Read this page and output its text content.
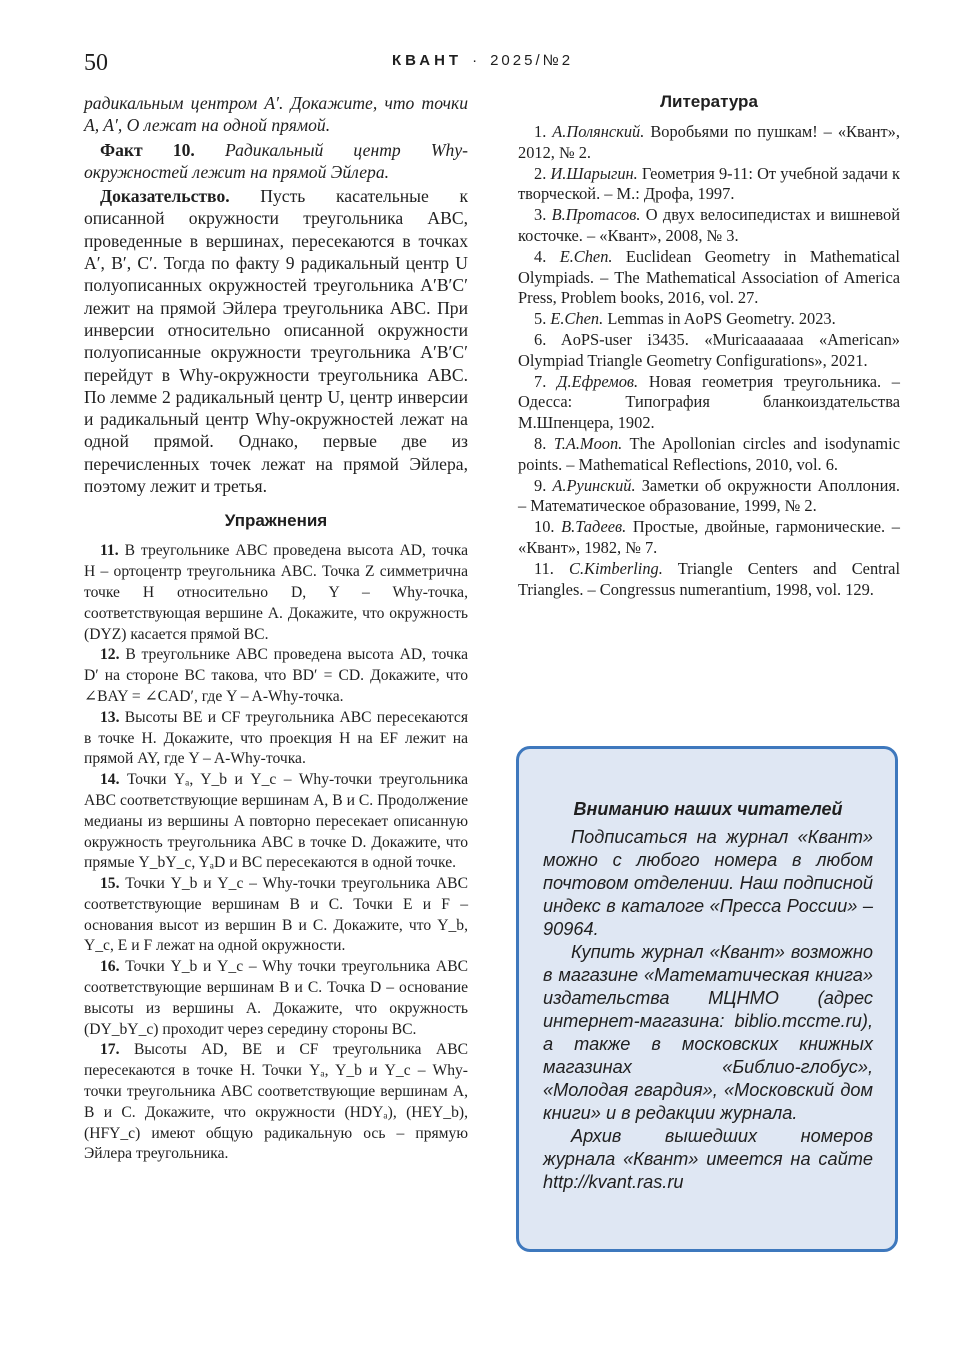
50	КВАНТ · 2025/№2

радикальным центром A′. Докажите, что точки A, A′, O лежат на одной прямой.

Факт 10. Радикальный центр Why-окружностей лежит на прямой Эйлера.

Доказательство. Пусть касательные к описанной окружности треугольника ABC, проведенные в вершинах, пересекаются в точках A′, B′, C′. Тогда по факту 9 радикальный центр U полуописанных окружностей треугольника A′B′C′ лежит на прямой Эйлера треугольника ABC. При инверсии относительно описанной окружности полуописанные окружности треугольника A′B′C′ перейдут в Why-окружности треугольника ABC. По лемме 2 радикальный центр U, центр инверсии и радикальный центр Why-окружностей лежат на одной прямой. Однако, первые две из перечисленных точек лежат на прямой Эйлера, поэтому лежит и третья.

Упражнения

11. В треугольнике ABC проведена высота AD, точка H – ортоцентр треугольника ABC. Точка Z симметрична точке H относительно D, Y – Why-точка, соответствующая вершине A. Докажите, что окружность (DYZ) касается прямой BC.

12. В треугольнике ABC проведена высота AD, точка D′ на стороне BC такова, что BD′ = CD. Докажите, что ∠BAY = ∠CAD′, где Y – A-Why-точка.

13. Высоты BE и CF треугольника ABC пересекаются в точке H. Докажите, что проекция H на EF лежит на прямой AY, где Y – A-Why-точка.

14. Точки Yₐ, Y_b и Y_c – Why-точки треугольника ABC соответствующие вершинам A, B и C. Продолжение медианы из вершины A повторно пересекает описанную окружность треугольника ABC в точке D. Докажите, что прямые Y_bY_c, YₐD и BC пересекаются в одной точке.

15. Точки Y_b и Y_c – Why-точки треугольника ABC соответствующие вершинам B и C. Точки E и F – основания высот из вершин B и C. Докажите, что Y_b, Y_c, E и F лежат на одной окружности.

16. Точки Y_b и Y_c – Why точки треугольника ABC соответствующие вершинам B и C. Точка D – основание высоты из вершины A. Докажите, что окружность (DY_bY_c) проходит через середину стороны BC.

17. Высоты AD, BE и CF треугольника ABC пересекаются в точке H. Точки Yₐ, Y_b и Y_c – Why-точки треугольника ABC соответствующие вершинам A, B и C. Докажите, что окружности (HDYₐ), (HEY_b), (HFY_c) имеют общую радикальную ось – прямую Эйлера треугольника.

Литература

1. А.Полянский. Воробьями по пушкам! – «Квант», 2012, № 2.

2. И.Шарыгин. Геометрия 9-11: От учебной задачи к творческой. – М.: Дрофа, 1997.

3. В.Протасов. О двух велосипедистах и вишневой косточке. – «Квант», 2008, № 3.

4. E.Chen. Euclidean Geometry in Mathematical Olympiads. – The Mathematical Association of America Press, Problem books, 2016, vol. 27.

5. E.Chen. Lemmas in AoPS Geometry. 2023.

6. AoPS-user i3435. «Muricaaaaaaa «American» Olympiad Triangle Geometry Configurations», 2021.

7. Д.Ефремов. Новая геометрия треугольника. – Одесса: Типография бланкоиздательства М.Шпенцера, 1902.

8. T.A.Moon. The Apollonian circles and isodynamic points. – Mathematical Reflections, 2010, vol. 6.

9. А.Руинский. Заметки об окружности Аполлония. – Математическое образование, 1999, № 2.

10. В.Тадеев. Простые, двойные, гармонические. – «Квант», 1982, № 7.

11. C.Kimberling. Triangle Centers and Central Triangles. – Congressus numerantium, 1998, vol. 129.

Вниманию наших читателей

Подписаться на журнал «Квант» можно с любого номера в любом почтовом отделении. Наш подписной индекс в каталоге «Пресса России» – 90964.

Купить журнал «Квант» возможно в магазине «Математическая книга» издательства МЦНМО (адрес интернет-магазина: biblio.mccme.ru), а также в московских книжных магазинах «Библио-глобус», «Молодая гвардия», «Московский дом книги» и в редакции журнала.

Архив вышедших номеров журнала «Квант» имеется на сайте http://kvant.ras.ru
